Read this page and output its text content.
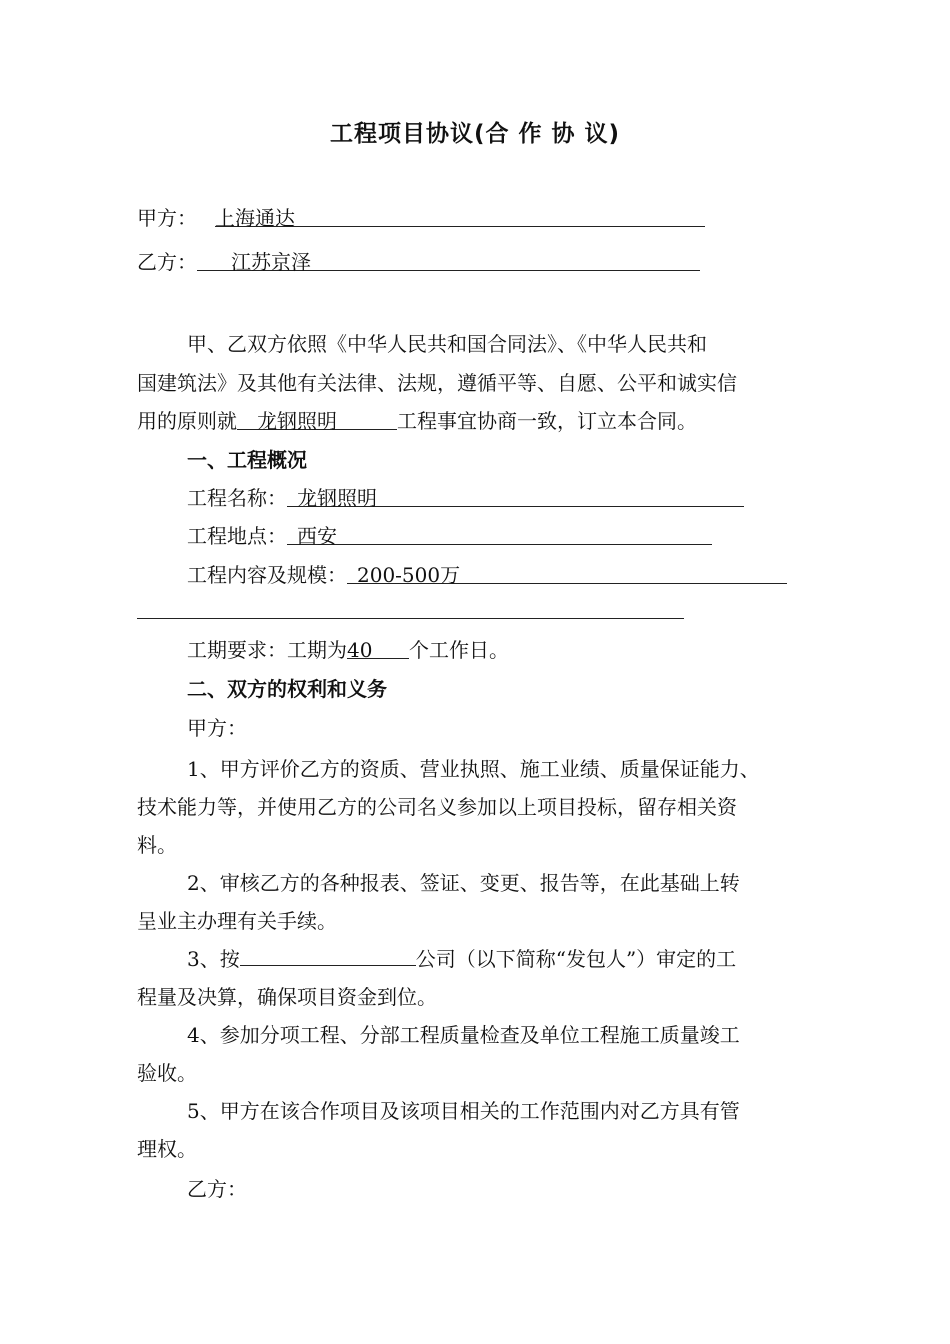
工程项目协议(合 作 协 议)
甲方： 上海通达
乙方： 江苏京泽
甲、乙双方依照《中华人民共和国合同法》、《中华人民共和
国建筑法》及其他有关法律、法规，遵循平等、自愿、公平和诚实信
用的原则就 龙钢照明	工程事宜协商一致，订立本合同。
一、工程概况
工程名称： 龙钢照明
工程地点： 西安
工程内容及规模： 200-500万
工期要求：工期为40 个工作日。
二、双方的权利和义务
甲方：
1、甲方评价乙方的资质、营业执照、施工业绩、质量保证能力、
技术能力等，并使用乙方的公司名义参加以上项目投标，留存相关资
料。
2、审核乙方的各种报表、签证、变更、报告等，在此基础上转
呈业主办理有关手续。
3、按	公司（以下简称“发包人”）审定的工
程量及决算，确保项目资金到位。
4、参加分项工程、分部工程质量检查及单位工程施工质量竣工
验收。
5、甲方在该合作项目及该项目相关的工作范围内对乙方具有管
理权。
乙方：
